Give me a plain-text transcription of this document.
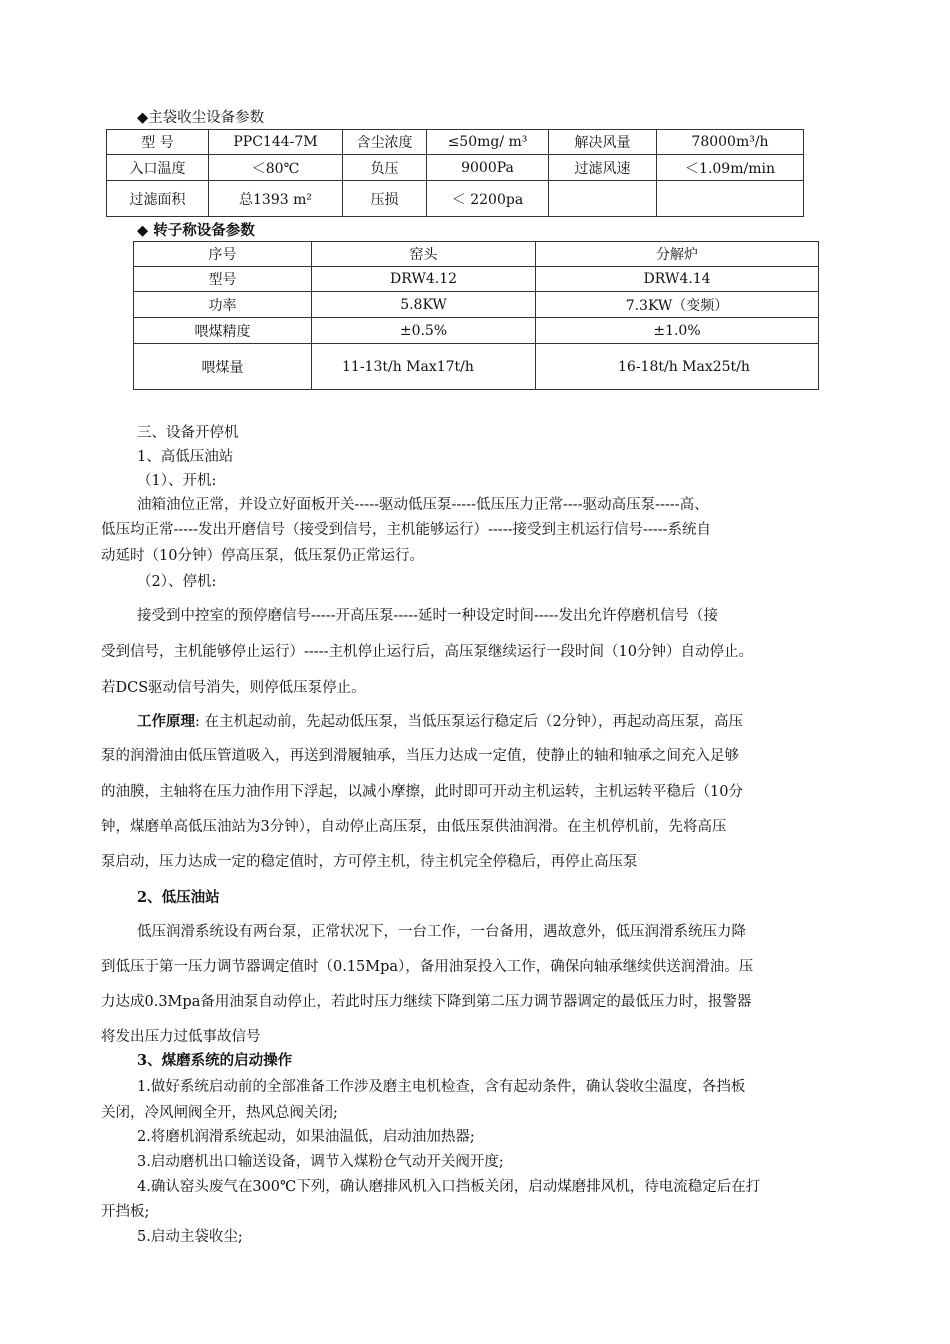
◆主袋收尘设备参数
型 号	PPC144-7M	含尘浓度	≤50mg/ m³	解决风量	78000m³/h
入口温度	＜80℃	负压	9000Pa	过滤风速	＜1.09m/min
过滤面积	总1393 m²	压损	＜ 2200pa		
◆ 转子称设备参数
序号	窑头	分解炉
型号	DRW4.12	DRW4.14
功率	5.8KW	7.3KW（变频）
喂煤精度	±0.5%	±1.0%
喂煤量	11-13t/h Max17t/h	16-18t/h Max25t/h
三、设备开停机
1、高低压油站
（1）、开机:
油箱油位正常，并设立好面板开关-----驱动低压泵-----低压压力正常----驱动高压泵-----高、
低压均正常-----发出开磨信号（接受到信号，主机能够运行）-----接受到主机运行信号-----系统自
动延时（10分钟）停高压泵，低压泵仍正常运行。
（2）、停机:
接受到中控室的预停磨信号-----开高压泵-----延时一种设定时间-----发出允许停磨机信号（接
受到信号，主机能够停止运行）-----主机停止运行后，高压泵继续运行一段时间（10分钟）自动停止。
若DCS驱动信号消失，则停低压泵停止。
工作原理: 在主机起动前，先起动低压泵，当低压泵运行稳定后（2分钟），再起动高压泵，高压
泵的润滑油由低压管道吸入，再送到滑履轴承，当压力达成一定值，使静止的轴和轴承之间充入足够
的油膜，主轴将在压力油作用下浮起，以减小摩擦，此时即可开动主机运转，主机运转平稳后（10分
钟，煤磨单高低压油站为3分钟），自动停止高压泵，由低压泵供油润滑。在主机停机前，先将高压
泵启动，压力达成一定的稳定值时，方可停主机，待主机完全停稳后，再停止高压泵
2、低压油站
低压润滑系统设有两台泵，正常状况下，一台工作，一台备用，遇故意外，低压润滑系统压力降
到低压于第一压力调节器调定值时（0.15Mpa），备用油泵投入工作，确保向轴承继续供送润滑油。压
力达成0.3Mpa备用油泵自动停止，若此时压力继续下降到第二压力调节器调定的最低压力时，报警器
将发出压力过低事故信号
3、煤磨系统的启动操作
1.做好系统启动前的全部准备工作涉及磨主电机检查，含有起动条件，确认袋收尘温度，各挡板
关闭，冷风闸阀全开，热风总阀关闭;
2.将磨机润滑系统起动，如果油温低，启动油加热器;
3.启动磨机出口输送设备，调节入煤粉仓气动开关阀开度;
4.确认窑头废气在300℃下列，确认磨排风机入口挡板关闭，启动煤磨排风机，待电流稳定后在打
开挡板;
5.启动主袋收尘;
